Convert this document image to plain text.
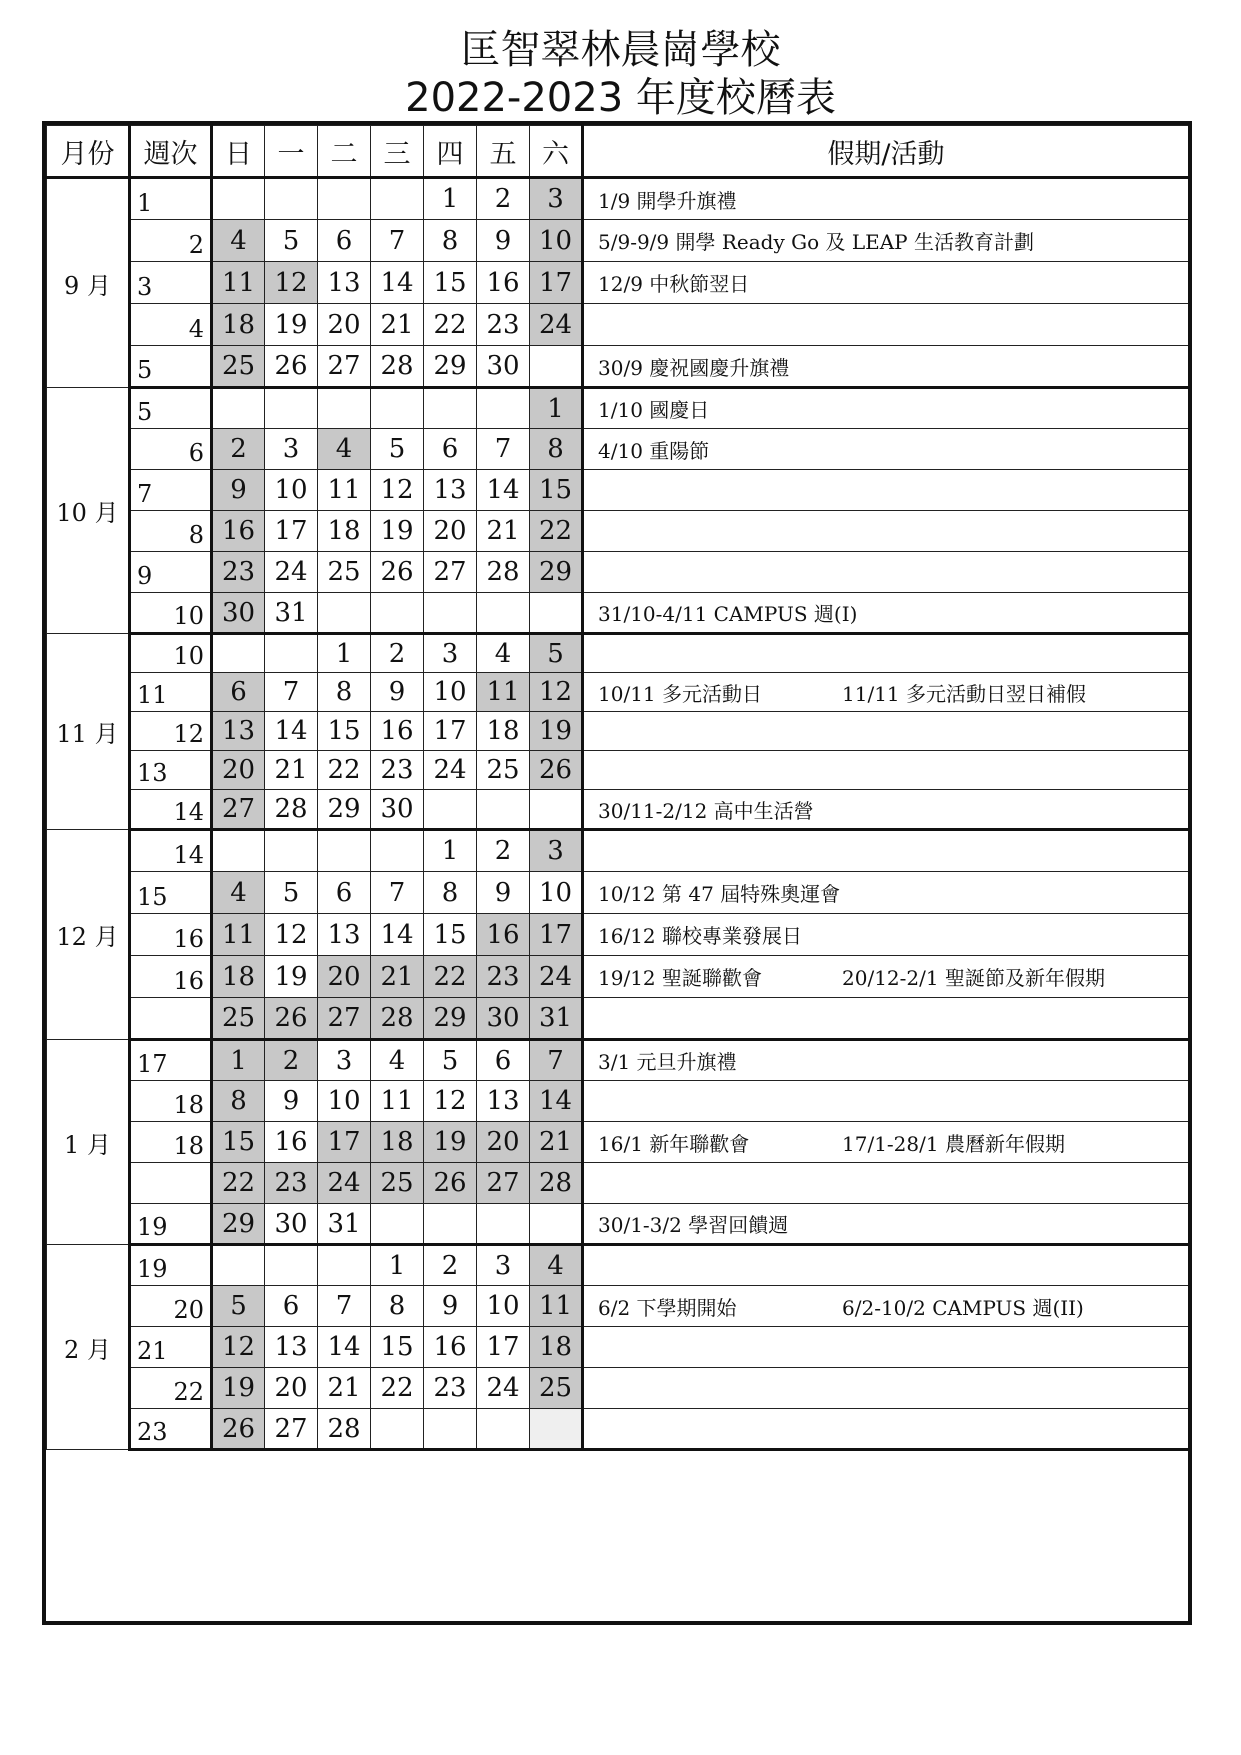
匡智翠林晨崗學校
2022-2023 年度校曆表
月份	週次	日	一	二	三	四	五	六	假期/活動
9 月	1					1	2	3	1/9 開學升旗禮

	2	4	5	6	7	8	9	10	5/9-9/9 開學 Ready Go 及 LEAP 生活教育計劃

	3	11	12	13	14	15	16	17	12/9 中秋節翌日

	4	18	19	20	21	22	23	24	

	5	25	26	27	28	29	30		30/9 慶祝國慶升旗禮

10 月	5							1	1/10 國慶日

	6	2	3	4	5	6	7	8	4/10 重陽節

	7	9	10	11	12	13	14	15	

	8	16	17	18	19	20	21	22	

	9	23	24	25	26	27	28	29	

	10	30	31						31/10-4/11 CAMPUS 週(I)

11 月	10			1	2	3	4	5	

	11	6	7	8	9	10	11	12	10/11 多元活動日 11/11 多元活動日翌日補假

	12	13	14	15	16	17	18	19	

	13	20	21	22	23	24	25	26	

	14	27	28	29	30				30/11-2/12 高中生活營

12 月	14					1	2	3	

	15	4	5	6	7	8	9	10	10/12 第 47 屆特殊奧運會

	16	11	12	13	14	15	16	17	16/12 聯校專業發展日

	16	18	19	20	21	22	23	24	19/12 聖誕聯歡會 20/12-2/1 聖誕節及新年假期

		25	26	27	28	29	30	31	

1 月	17	1	2	3	4	5	6	7	3/1 元旦升旗禮

	18	8	9	10	11	12	13	14	

	18	15	16	17	18	19	20	21	16/1 新年聯歡會 17/1-28/1 農曆新年假期

		22	23	24	25	26	27	28	

	19	29	30	31					30/1-3/2 學習回饋週

2 月	19				1	2	3	4	

	20	5	6	7	8	9	10	11	6/2 下學期開始 6/2-10/2 CAMPUS 週(II)

	21	12	13	14	15	16	17	18	

	22	19	20	21	22	23	24	25	

	23	26	27	28					
